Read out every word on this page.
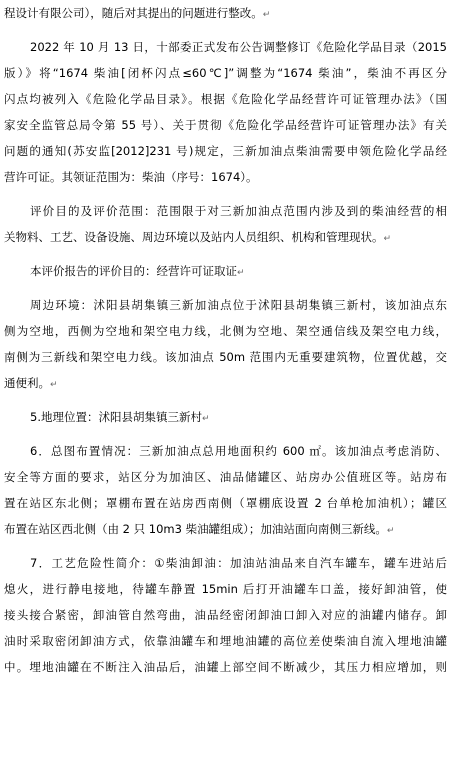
程设计有限公司），随后对其提出的问题进行整改。↵
2022 年 10 月 13 日，十部委正式发布公告调整修订《危险化学品目录（2015
版）》将“1674 柴油[闭杯闪点≤60℃]”调整为“1674 柴油”，柴油不再区分
闪点均被列入《危险化学品目录》。根据《危险化学品经营许可证管理办法》（国
家安全监管总局令第 55 号）、关于贯彻《危险化学品经营许可证管理办法》有关
问题的通知(苏安监[2012]231 号)规定，三新加油点柴油需要申领危险化学品经
营许可证。其领证范围为：柴油（序号：1674）。
评价目的及评价范围：范围限于对三新加油点范围内涉及到的柴油经营的相
关物料、工艺、设备设施、周边环境以及站内人员组织、机构和管理现状。↵
本评价报告的评价目的：经营许可证取证↵
周边环境：沭阳县胡集镇三新加油点位于沭阳县胡集镇三新村，该加油点东
侧为空地，西侧为空地和架空电力线，北侧为空地、架空通信线及架空电力线，
南侧为三新线和架空电力线。该加油点 50m 范围内无重要建筑物，位置优越，交
通便利。↵
5.地理位置：沭阳县胡集镇三新村↵
6．总图布置情况：三新加油点总用地面积约 600 ㎡。该加油点考虑消防、
安全等方面的要求，站区分为加油区、油品储罐区、站房办公值班区等。站房布
置在站区东北侧；罩棚布置在站房西南侧（罩棚底设置 2 台单枪加油机）；罐区
布置在站区西北侧（由 2 只 10m3 柴油罐组成）；加油站面向南侧三新线。↵
7．工艺危险性简介：①柴油卸油：加油站油品来自汽车罐车，罐车进站后
熄火，进行静电接地，待罐车静置 15min 后打开油罐车口盖，接好卸油管，使
接头接合紧密，卸油管自然弯曲，油品经密闭卸油口卸入对应的油罐内储存。卸
油时采取密闭卸油方式，依靠油罐车和埋地油罐的高位差使柴油自流入埋地油罐
中。埋地油罐在不断注入油品后，油罐上部空间不断减少，其压力相应增加，则
